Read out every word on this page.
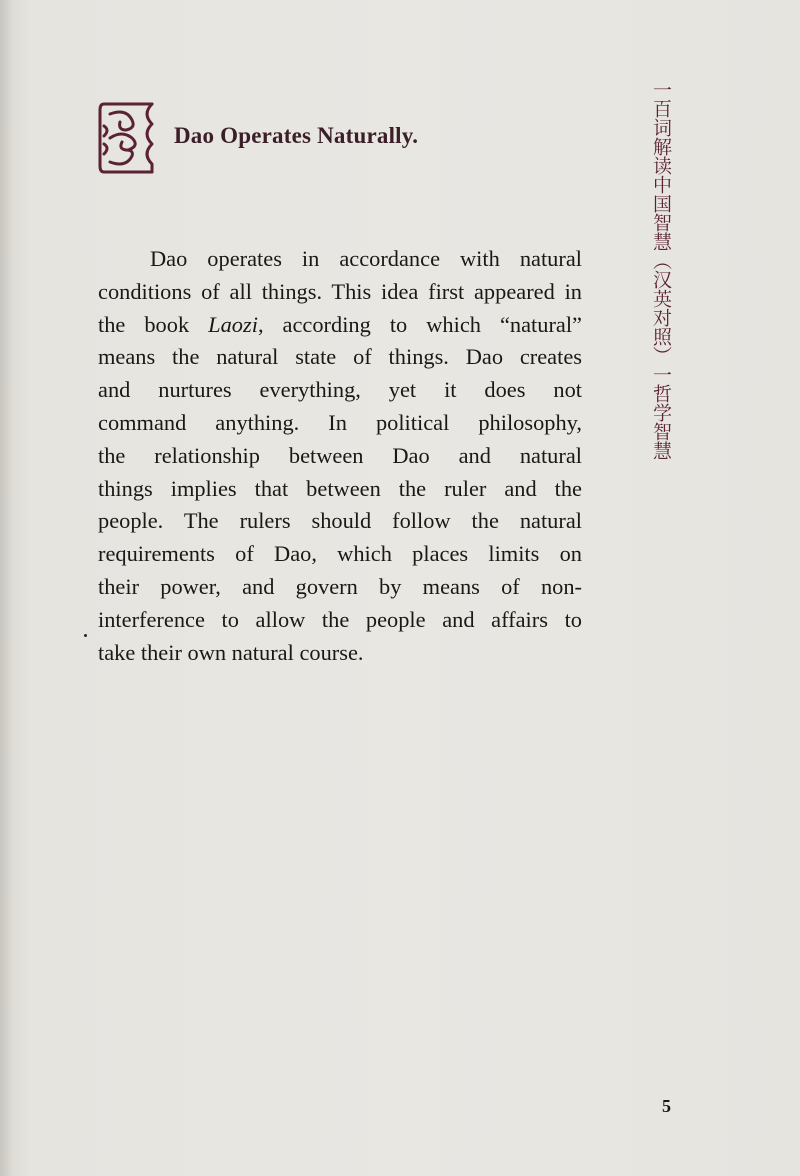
Dao Operates Naturally.
Dao operates in accordance with natural
conditions of all things. This idea first appeared in
the book Laozi, according to which “natural”
means the natural state of things. Dao creates
and nurtures everything, yet it does not
command anything. In political philosophy,
the relationship between Dao and natural
things implies that between the ruler and the
people. The rulers should follow the natural
requirements of Dao, which places limits on
their power, and govern by means of non-
interference to allow the people and affairs to
take their own natural course.
一百词解读中国智慧（汉英对照）一哲学智慧
5
